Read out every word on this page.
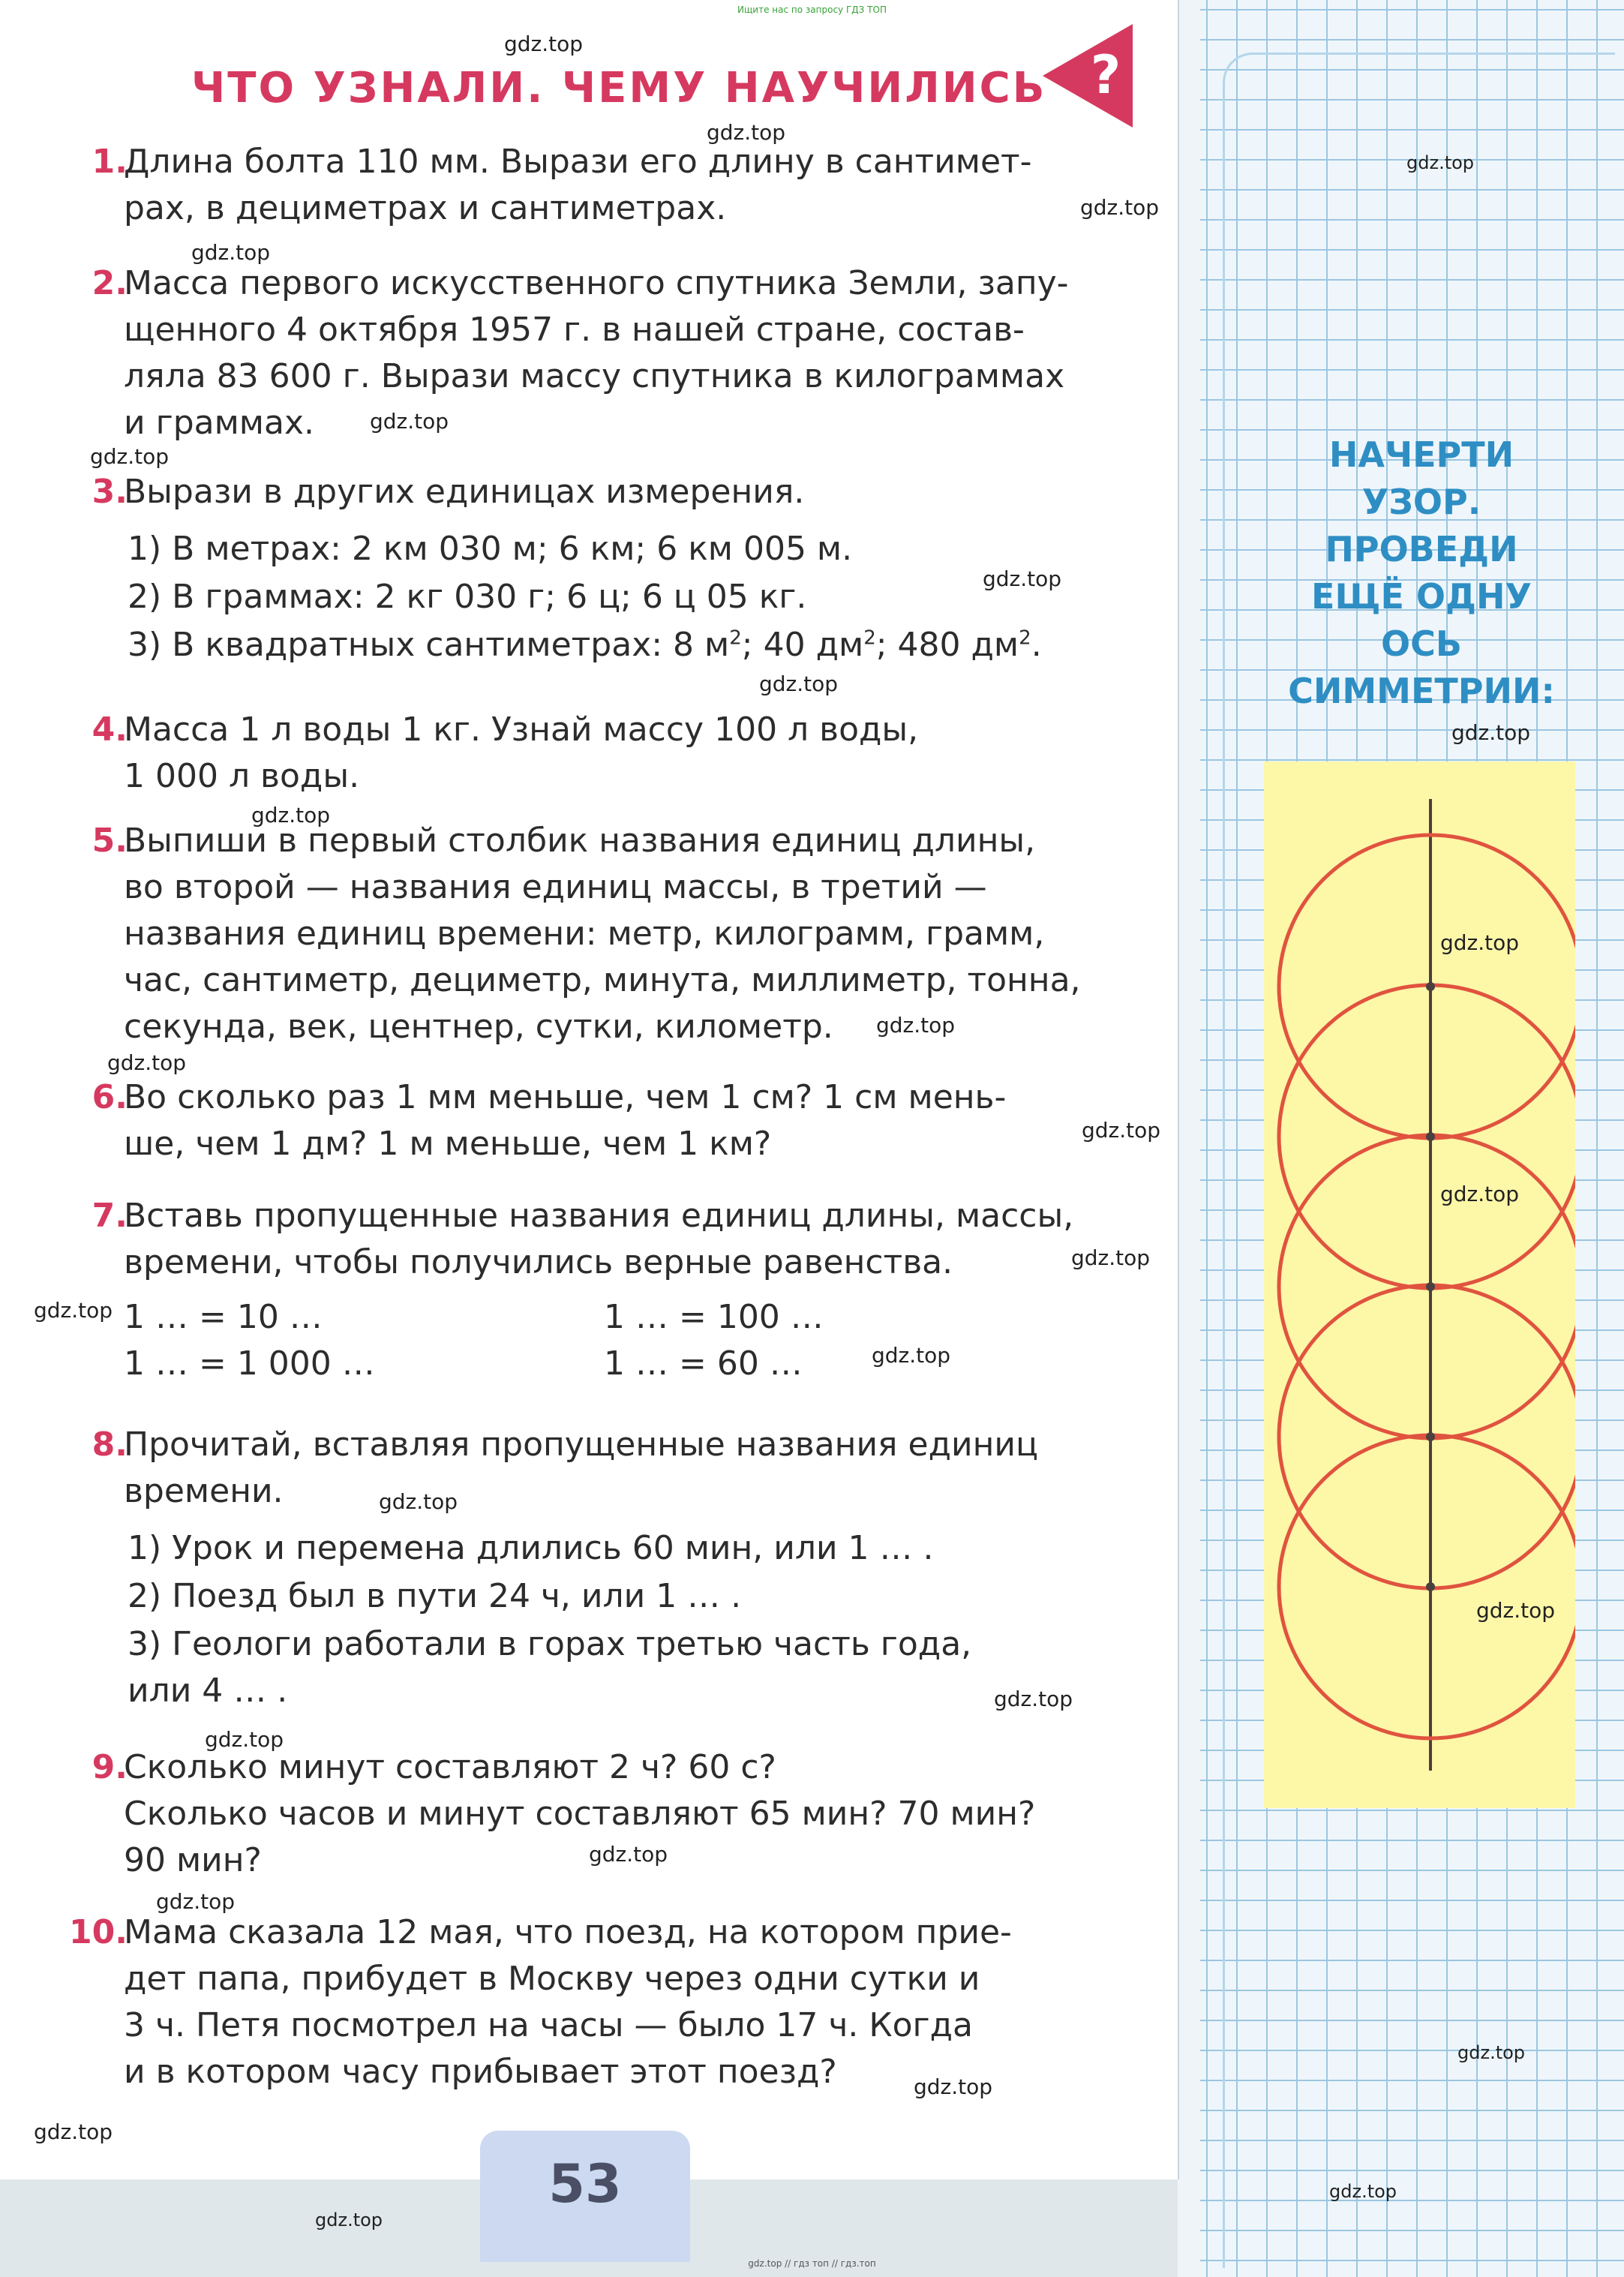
Ищите нас по запросу ГДЗ ТОП
ЧТО УЗНАЛИ. ЧЕМУ НАУЧИЛИСЬ ?
1.
Длина болта 110 мм. Вырази его длину в сантимет-
рах, в дециметрах и сантиметрах.
2.
Масса первого искусственного спутника Земли, запу-
щенного 4 октября 1957 г. в нашей стране, состав-
ляла 83 600 г. Вырази массу спутника в килограммах
и граммах.
3.
Вырази в других единицах измерения.
1) В метрах: 2 км 030 м; 6 км; 6 км 005 м.
2) В граммах: 2 кг 030 г; 6 ц; 6 ц 05 кг.
3) В квадратных сантиметрах: 8 $м^2$; 40 $дм^2$; 480 $дм^2$.
4.
Масса 1 л воды 1 кг. Узнай массу 100 л воды,
1 000 л воды.
5.
Выпиши в первый столбик названия единиц длины,
во второй — названия единиц массы, в третий —
названия единиц времени: метр, килограмм, грамм,
час, сантиметр, дециметр, минута, миллиметр, тонна,
секунда, век, центнер, сутки, километр.
6.
Во сколько раз 1 мм меньше, чем 1 см? 1 см мень-
ше, чем 1 дм? 1 м меньше, чем 1 км?
7.
Вставь пропущенные названия единиц длины, массы,
времени, чтобы получились верные равенства.
1 … = 10 …	1 … = 100 …
1 … = 1 000 …	1 … = 60 …
8.
Прочитай, вставляя пропущенные названия единиц
времени.
1) Урок и перемена длились 60 мин, или 1 … .
2) Поезд был в пути 24 ч, или 1 … .
3) Геологи работали в горах третью часть года,
или 4 … .
9.
Сколько минут составляют 2 ч? 60 с?
Сколько часов и минут составляют 65 мин? 70 мин?
90 мин?
10.
Мама сказала 12 мая, что поезд, на котором прие-
дет папа, прибудет в Москву через одни сутки и
3 ч. Петя посмотрел на часы — было 17 ч. Когда
и в котором часу прибывает этот поезд?
НАЧЕРТИ
УЗОР.
ПРОВЕДИ
ЕЩЁ ОДНУ
ОСЬ
СИММЕТРИИ:
53
gdz.top // гдз топ // гдз.топ
gdz.top
gdz.top
gdz.top
gdz.top
gdz.top
gdz.top
gdz.top
gdz.top
gdz.top
gdz.top
gdz.top
gdz.top
gdz.top
gdz.top
gdz.top
gdz.top
gdz.top
gdz.top
gdz.top
gdz.top
gdz.top
gdz.top
gdz.top
gdz.top
gdz.top
gdz.top
gdz.top
gdz.top
gdz.top
gdz.top
